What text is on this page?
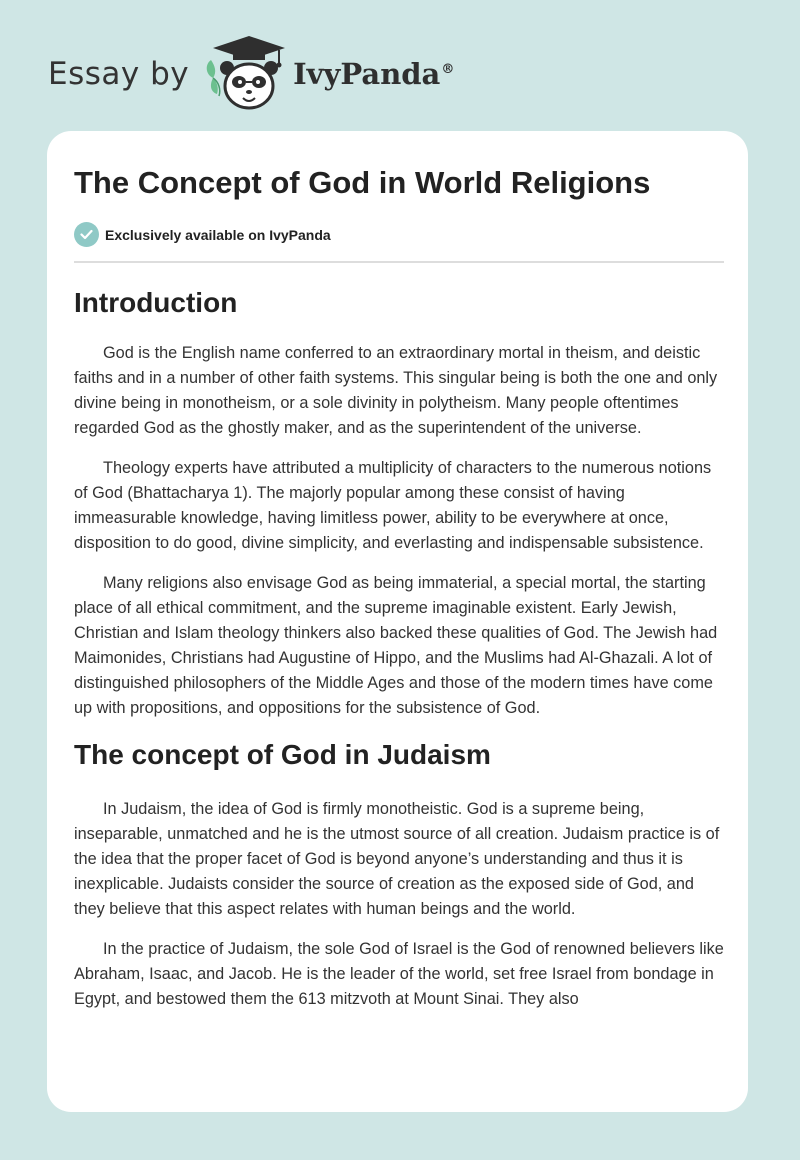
Essay by	IvyPanda®
The Concept of God in World Religions
Exclusively available on IvyPanda
Introduction

God is the English name conferred to an extraordinary mortal in theism, and deistic faiths and in a number of other faith systems. This singular being is both the one and only divine being in monotheism, or a sole divinity in polytheism. Many people oftentimes regarded God as the ghostly maker, and as the superintendent of the universe.

Theology experts have attributed a multiplicity of characters to the numerous notions of God (Bhattacharya 1). The majorly popular among these consist of having immeasurable knowledge, having limitless power, ability to be everywhere at once, disposition to do good, divine simplicity, and everlasting and indispensable subsistence.

Many religions also envisage God as being immaterial, a special mortal, the starting place of all ethical commitment, and the supreme imaginable existent. Early Jewish, Christian and Islam theology thinkers also backed these qualities of God. The Jewish had Maimonides, Christians had Augustine of Hippo, and the Muslims had Al-Ghazali. A lot of distinguished philosophers of the Middle Ages and those of the modern times have come up with propositions, and oppositions for the subsistence of God.

The concept of God in Judaism

In Judaism, the idea of God is firmly monotheistic. God is a supreme being, inseparable, unmatched and he is the utmost source of all creation. Judaism practice is of the idea that the proper facet of God is beyond anyone’s understanding and thus it is inexplicable. Judaists consider the source of creation as the exposed side of God, and they believe that this aspect relates with human beings and the world.

In the practice of Judaism, the sole God of Israel is the God of renowned believers like Abraham, Isaac, and Jacob. He is the leader of the world, set free Israel from bondage in Egypt, and bestowed them the 613 mitzvoth at Mount Sinai. They also
